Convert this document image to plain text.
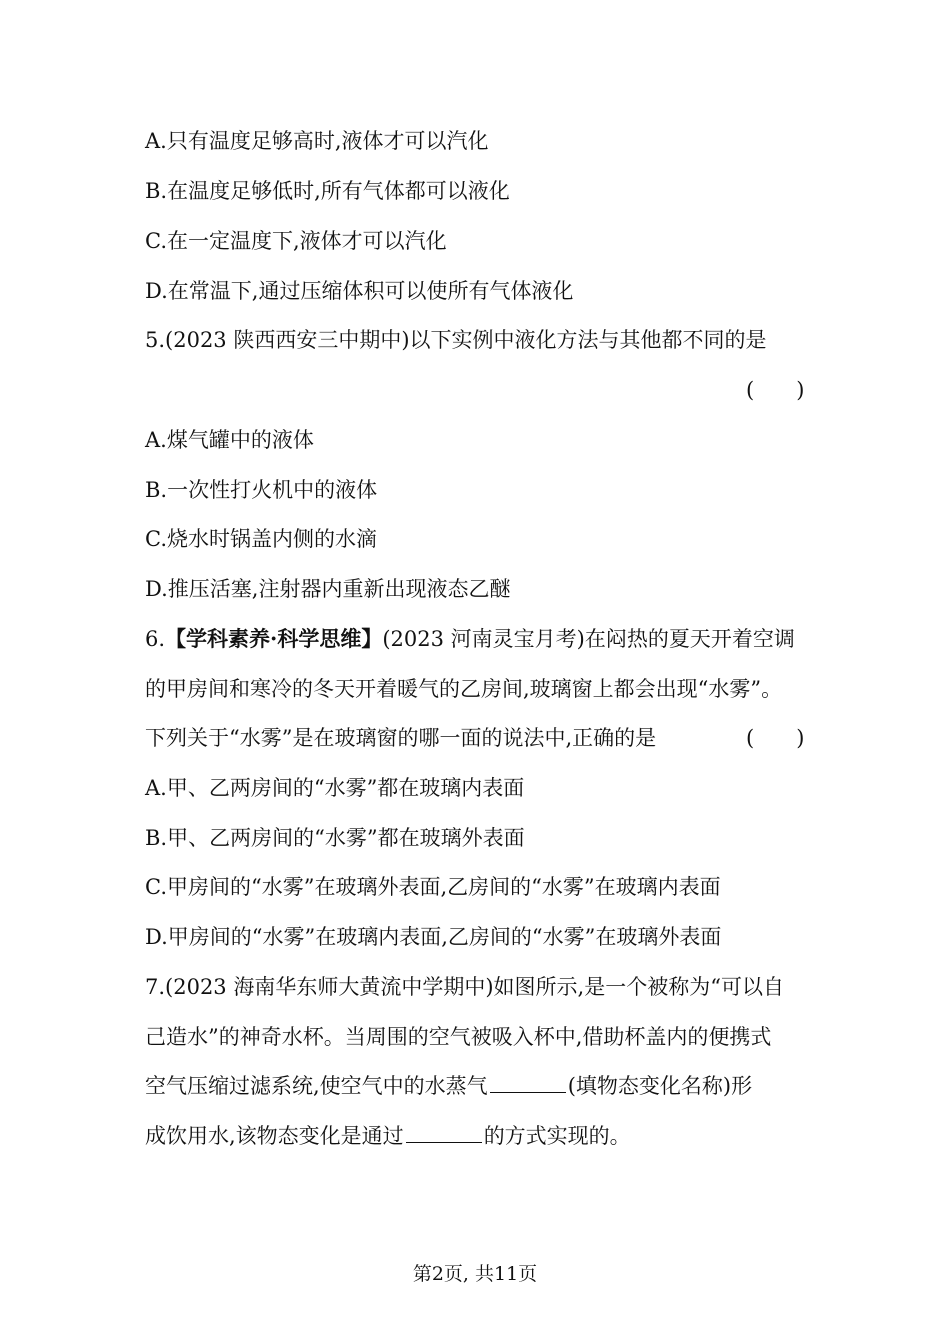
A.只有温度足够高时,液体才可以汽化
B.在温度足够低时,所有气体都可以液化
C.在一定温度下,液体才可以汽化
D.在常温下,通过压缩体积可以使所有气体液化
5.(2023 陕西西安三中期中)以下实例中液化方法与其他都不同的是
(　　)
A.煤气罐中的液体
B.一次性打火机中的液体
C.烧水时锅盖内侧的水滴
D.推压活塞,注射器内重新出现液态乙醚
6.【学科素养·科学思维】(2023 河南灵宝月考)在闷热的夏天开着空调
的甲房间和寒冷的冬天开着暖气的乙房间,玻璃窗上都会出现“水雾”。
下列关于“水雾”是在玻璃窗的哪一面的说法中,正确的是	(　　)
A.甲、乙两房间的“水雾”都在玻璃内表面
B.甲、乙两房间的“水雾”都在玻璃外表面
C.甲房间的“水雾”在玻璃外表面,乙房间的“水雾”在玻璃内表面
D.甲房间的“水雾”在玻璃内表面,乙房间的“水雾”在玻璃外表面
7.(2023 海南华东师大黄流中学期中)如图所示,是一个被称为“可以自
己造水”的神奇水杯。当周围的空气被吸入杯中,借助杯盖内的便携式
空气压缩过滤系统,使空气中的水蒸气	(填物态变化名称)形
成饮用水,该物态变化是通过	的方式实现的。
第2页, 共11页
